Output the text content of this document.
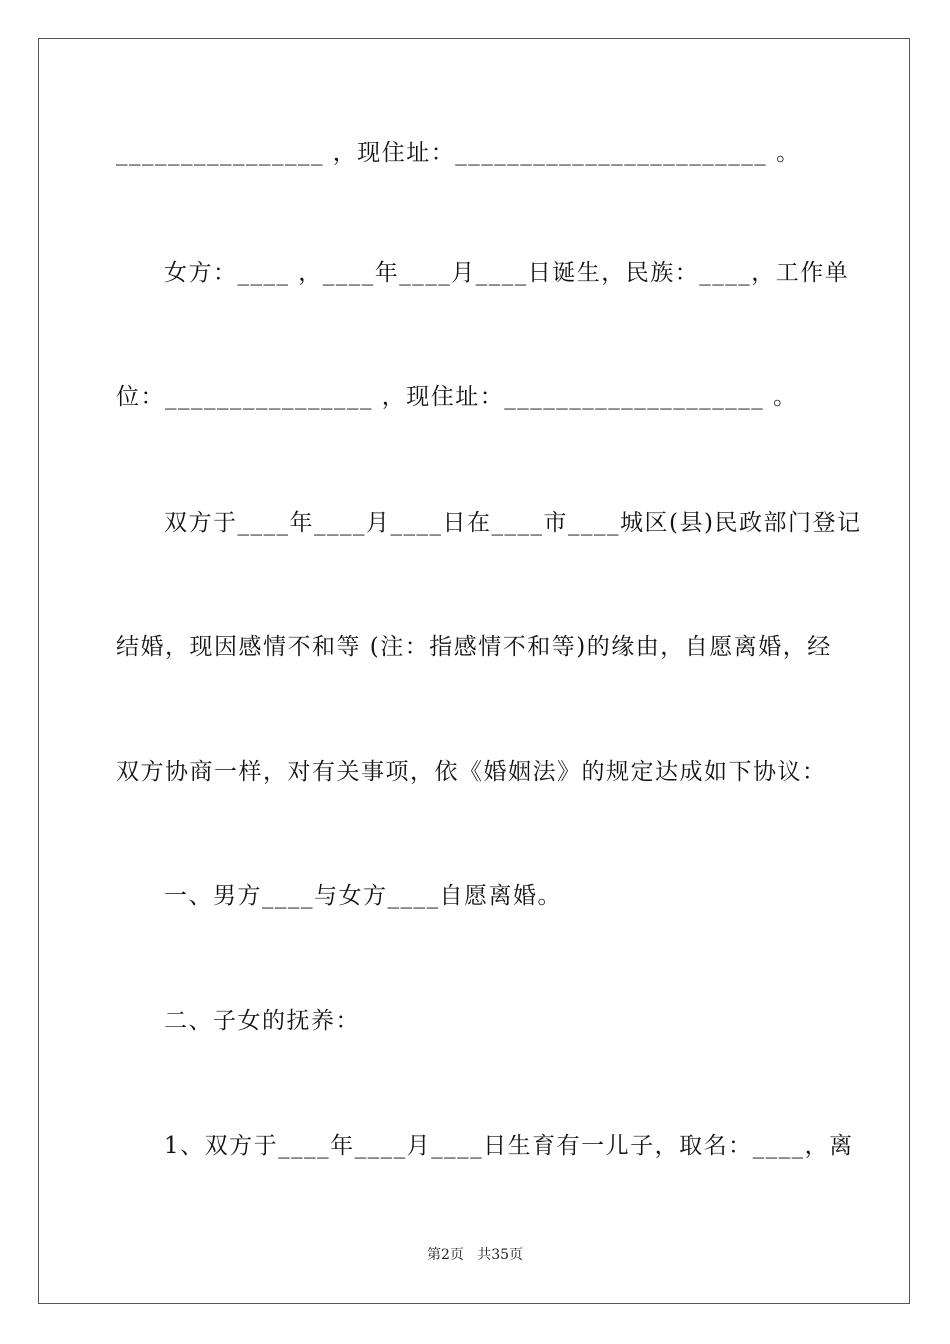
________________ ，现住址：________________________ 。
女方：____ ，____年____月____日诞生，民族：____，工作单
位：________________ ，现住址：____________________ 。
双方于____年____月____日在____市____城区(县)民政部门登记
结婚，现因感情不和等 (注：指感情不和等)的缘由，自愿离婚，经
双方协商一样，对有关事项，依《婚姻法》的规定达成如下协议：
一、男方____与女方____自愿离婚。
二、子女的抚养：
1、双方于____年____月____日生育有一儿子，取名：____，离
第2页   共35页
